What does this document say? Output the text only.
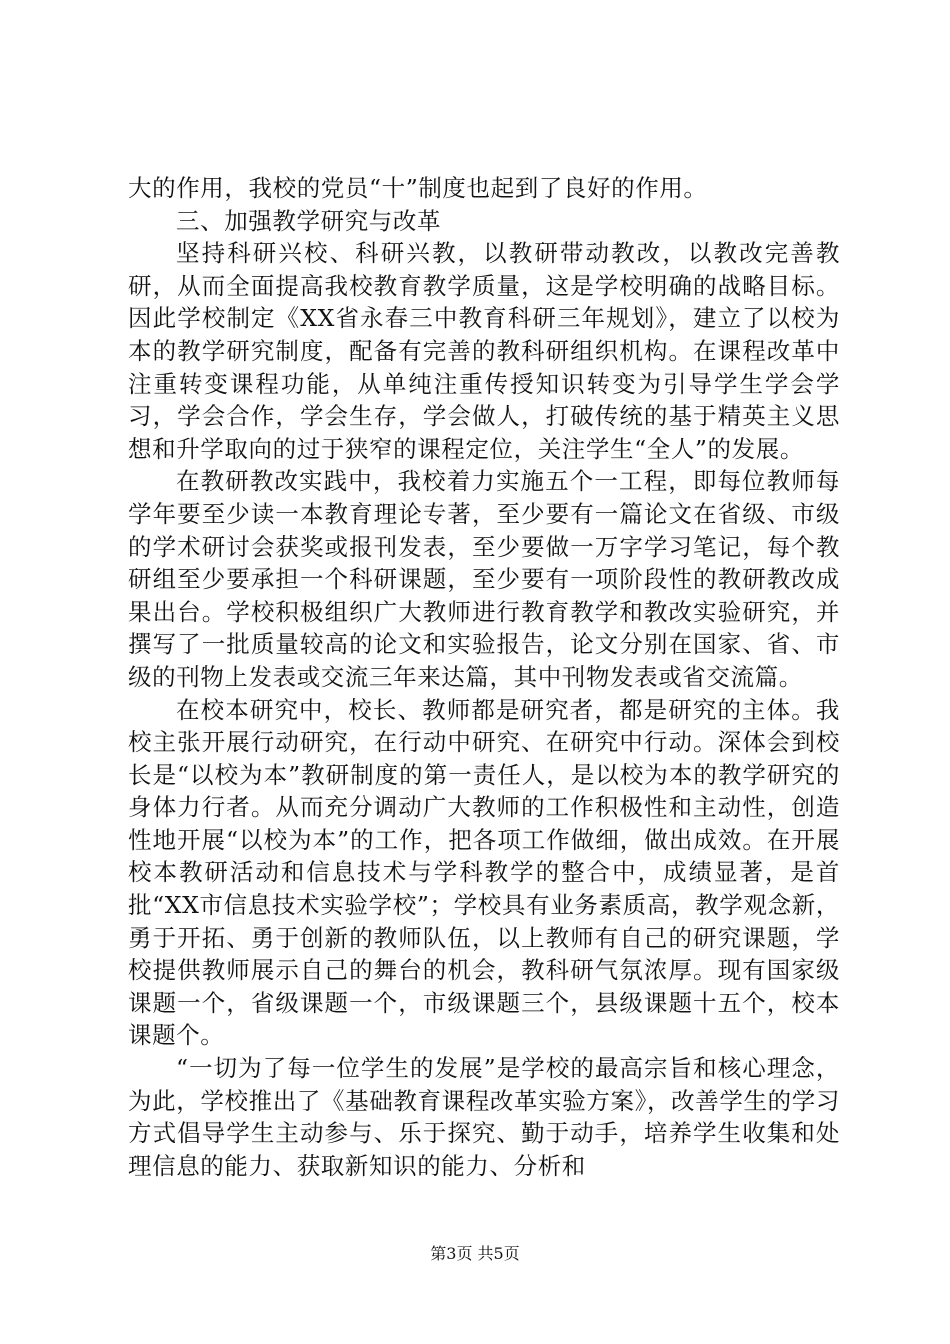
大的作用，我校的党员“十”制度也起到了良好的作用。

三、加强教学研究与改革

坚持科研兴校、科研兴教，以教研带动教改，以教改完善教研，从而全面提高我校教育教学质量，这是学校明确的战略目标。因此学校制定《XX省永春三中教育科研三年规划》，建立了以校为本的教学研究制度，配备有完善的教科研组织机构。在课程改革中注重转变课程功能，从单纯注重传授知识转变为引导学生学会学习，学会合作，学会生存，学会做人，打破传统的基于精英主义思想和升学取向的过于狭窄的课程定位，关注学生“全人”的发展。

在教研教改实践中，我校着力实施五个一工程，即每位教师每学年要至少读一本教育理论专著，至少要有一篇论文在省级、市级的学术研讨会获奖或报刊发表，至少要做一万字学习笔记，每个教研组至少要承担一个科研课题，至少要有一项阶段性的教研教改成果出台。学校积极组织广大教师进行教育教学和教改实验研究，并撰写了一批质量较高的论文和实验报告，论文分别在国家、省、市级的刊物上发表或交流三年来达篇，其中刊物发表或省交流篇。

在校本研究中，校长、教师都是研究者，都是研究的主体。我校主张开展行动研究，在行动中研究、在研究中行动。深体会到校长是“以校为本”教研制度的第一责任人，是以校为本的教学研究的身体力行者。从而充分调动广大教师的工作积极性和主动性，创造性地开展“以校为本”的工作，把各项工作做细，做出成效。在开展校本教研活动和信息技术与学科教学的整合中，成绩显著，是首批“XX市信息技术实验学校”；学校具有业务素质高，教学观念新，勇于开拓、勇于创新的教师队伍，以上教师有自己的研究课题，学校提供教师展示自己的舞台的机会，教科研气氛浓厚。现有国家级课题一个，省级课题一个，市级课题三个，县级课题十五个，校本课题个。

“一切为了每一位学生的发展”是学校的最高宗旨和核心理念，为此，学校推出了《基础教育课程改革实验方案》，改善学生的学习方式倡导学生主动参与、乐于探究、勤于动手，培养学生收集和处理信息的能力、获取新知识的能力、分析和

第3页 共5页
